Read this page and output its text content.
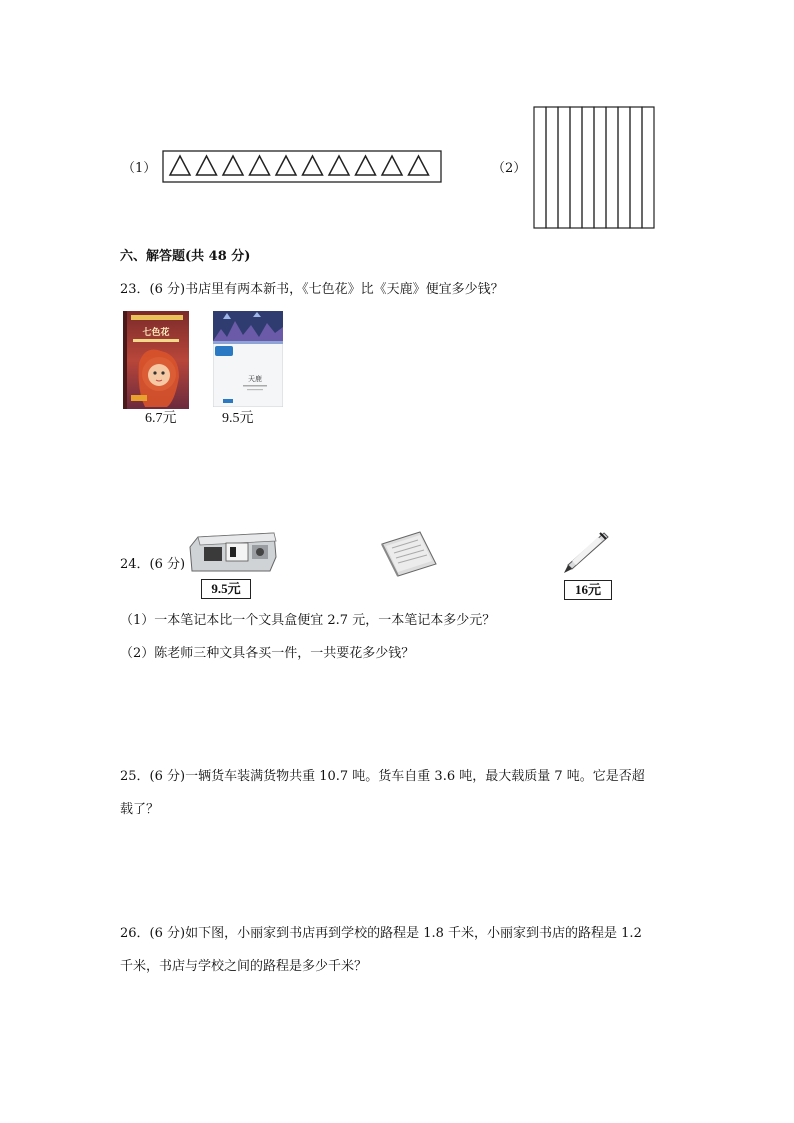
（1）	（2）
六、解答题(共 48 分)
23．(6 分)书店里有两本新书，《七色花》比《天鹿》便宜多少钱？
七色花
6.7元
天鹿
9.5元
24．(6 分)
9.5元	16元
（1）一本笔记本比一个文具盒便宜 2.7 元，一本笔记本多少元？
（2）陈老师三种文具各买一件，一共要花多少钱？
25．(6 分)一辆货车装满货物共重 10.7 吨。货车自重 3.6 吨，最大载质量 7 吨。它是否超
载了？
26．(6 分)如下图，小丽家到书店再到学校的路程是 1.8 千米，小丽家到书店的路程是 1.2
千米，书店与学校之间的路程是多少千米？
